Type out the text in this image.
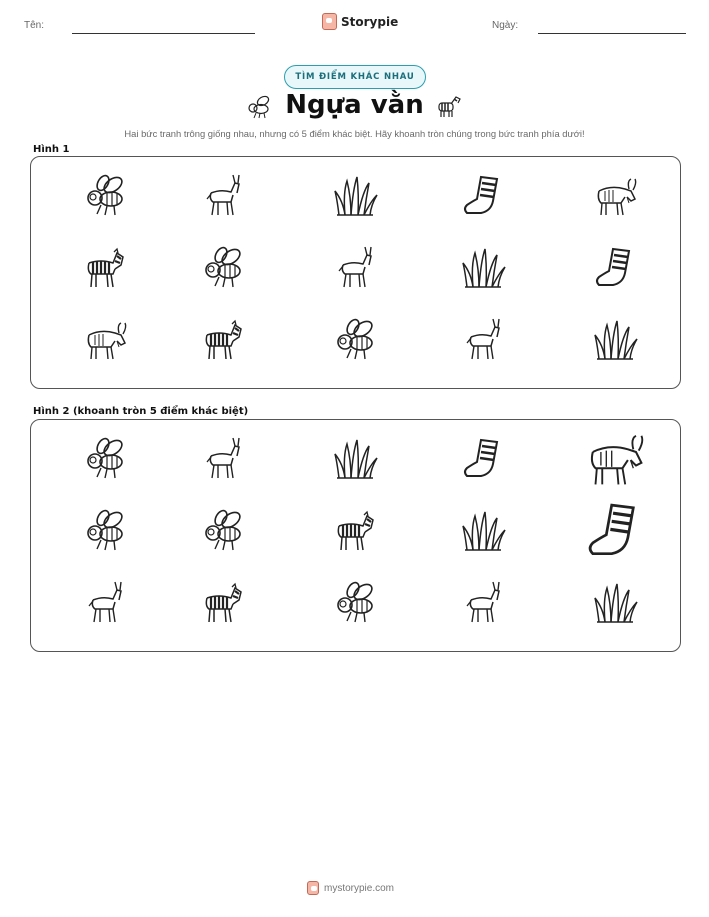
Tên:	Storypie	Ngày:
TÌM ĐIỂM KHÁC NHAU
Ngựa vằn
Hai bức tranh trông giống nhau, nhưng có 5 điểm khác biệt. Hãy khoanh tròn chúng trong bức tranh phía dưới!
Hình 1
Hình 2 (khoanh tròn 5 điểm khác biệt)
mystorypie.com
